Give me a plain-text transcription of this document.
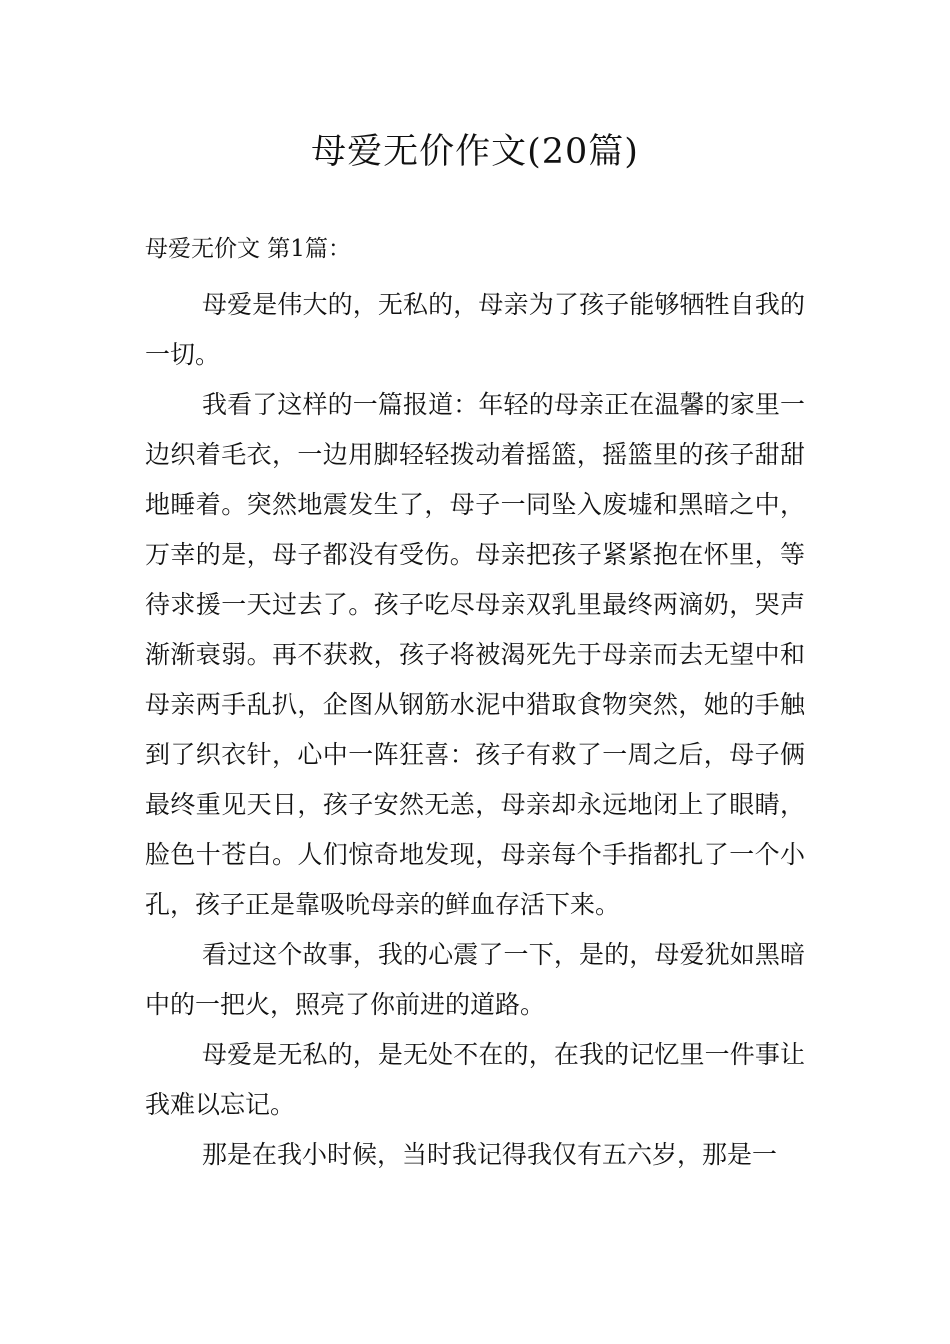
母爱无价作文(20篇)
母爱无价文 第1篇：

母爱是伟大的，无私的，母亲为了孩子能够牺牲自我的一切。

我看了这样的一篇报道：年轻的母亲正在温馨的家里一边织着毛衣，一边用脚轻轻拨动着摇篮，摇篮里的孩子甜甜地睡着。突然地震发生了，母子一同坠入废墟和黑暗之中，万幸的是，母子都没有受伤。母亲把孩子紧紧抱在怀里，等待求援一天过去了。孩子吃尽母亲双乳里最终两滴奶，哭声渐渐衰弱。再不获救，孩子将被渴死先于母亲而去无望中和母亲两手乱扒，企图从钢筋水泥中猎取食物突然，她的手触到了织衣针，心中一阵狂喜：孩子有救了一周之后，母子俩最终重见天日，孩子安然无恙，母亲却永远地闭上了眼睛，脸色十苍白。人们惊奇地发现，母亲每个手指都扎了一个小孔，孩子正是靠吸吮母亲的鲜血存活下来。

看过这个故事，我的心震了一下，是的，母爱犹如黑暗中的一把火，照亮了你前进的道路。

母爱是无私的，是无处不在的，在我的记忆里一件事让我难以忘记。

那是在我小时候，当时我记得我仅有五六岁，那是一
